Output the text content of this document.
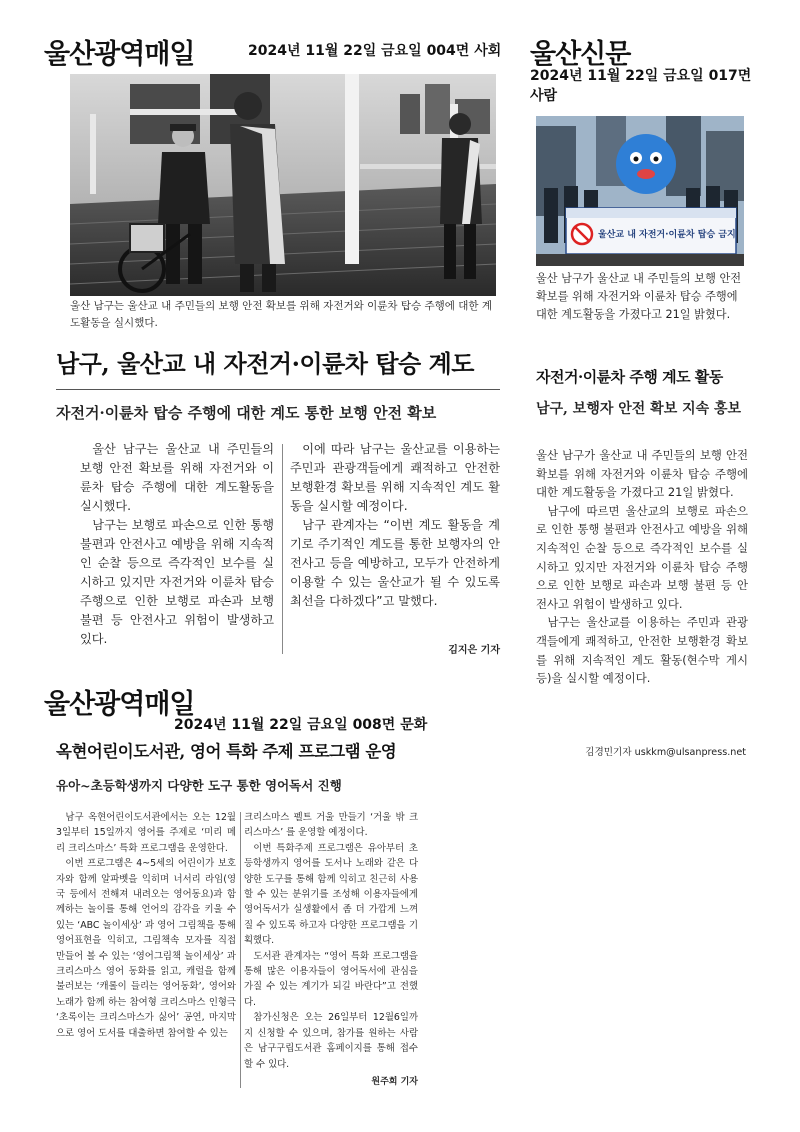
울산광역매일	2024년 11월 22일 금요일 004면 사회
울산 남구는 울산교 내 주민들의 보행 안전 확보를 위해 자전거와 이륜차 탑승 주행에 대한 계도활동을 실시했다.
남구, 울산교 내 자전거·이륜차 탑승 계도
자전거·이륜차 탑승 주행에 대한 계도 통한 보행 안전 확보

울산 남구는 울산교 내 주민들의 보행 안전 확보를 위해 자전거와 이륜차 탑승 주행에 대한 계도활동을 실시했다.

남구는 보행로 파손으로 인한 통행 불편과 안전사고 예방을 위해 지속적인 순찰 등으로 즉각적인 보수를 실시하고 있지만 자전거와 이륜차 탑승 주행으로 인한 보행로 파손과 보행 불편 등 안전사고 위험이 발생하고 있다.

이에 따라 남구는 울산교를 이용하는 주민과 관광객들에게 쾌적하고 안전한 보행환경 확보를 위해 지속적인 계도 활동을 실시할 예정이다.

남구 관계자는 “이번 계도 활동을 계기로 주기적인 계도를 통한 보행자의 안전사고 등을 예방하고, 모두가 안전하게 이용할 수 있는 울산교가 될 수 있도록 최선을 다하겠다”고 말했다.

김지은 기자
울산신문
2024년 11월 22일 금요일 017면 사람
울산교 내 자전거·이륜차 탑승 금지
울산 남구가 울산교 내 주민들의 보행 안전 확보를 위해 자전거와 이륜차 탑승 주행에 대한 계도활동을 가졌다고 21일 밝혔다.
자전거·이륜차 주행 계도 활동
남구, 보행자 안전 확보 지속 홍보

울산 남구가 울산교 내 주민들의 보행 안전 확보를 위해 자전거와 이륜차 탑승 주행에 대한 계도활동을 가졌다고 21일 밝혔다.

남구에 따르면 울산교의 보행로 파손으로 인한 통행 불편과 안전사고 예방을 위해 지속적인 순찰 등으로 즉각적인 보수를 실시하고 있지만 자전거와 이륜차 탑승 주행으로 인한 보행로 파손과 보행 불편 등 안전사고 위험이 발생하고 있다.

남구는 울산교를 이용하는 주민과 관광객들에게 쾌적하고, 안전한 보행환경 확보를 위해 지속적인 계도 활동(현수막 게시 등)을 실시할 예정이다.

김경민기자 uskkm@ulsanpress.net
울산광역매일
2024년 11월 22일 금요일 008면 문화
옥현어린이도서관, 영어 특화 주제 프로그램 운영
유아~초등학생까지 다양한 도구 통한 영어독서 진행

남구 옥현어린이도서관에서는 오는 12월3일부터 15일까지 영어를 주제로 ‘미리 메리 크리스마스’ 특화 프로그램을 운영한다.

이번 프로그램은 4~5세의 어린이가 보호자와 함께 알파벳을 익히며 너서리 라임(영국 등에서 전해져 내려오는 영어동요)과 함께하는 놀이를 통해 언어의 감각을 키울 수 있는 ‘ABC 놀이세상’ 과 영어 그림책을 통해 영어표현을 익히고, 그림책속 모자를 직접 만들어 볼 수 있는 ‘영어그림책 놀이세상’ 과 크리스마스 영어 동화를 읽고, 캐럴을 함께 불러보는 ‘캐롤이 들리는 영어동화’, 영어와 노래가 함께 하는 참여형 크리스마스 인형극 ‘초록이는 크리스마스가 싫어’ 공연, 마지막으로 영어 도서를 대출하면 참여할 수 있는

크리스마스 펠트 거울 만들기 ‘거울 밖 크리스마스’ 를 운영할 예정이다.

이번 특화주제 프로그램은 유아부터 초등학생까지 영어를 도서나 노래와 같은 다양한 도구를 통해 함께 익히고 친근히 사용할 수 있는 분위기를 조성해 이용자들에게 영어독서가 실생활에서 좀 더 가깝게 느껴질 수 있도록 하고자 다양한 프로그램을 기획했다.

도서관 관계자는 “영어 특화 프로그램을 통해 많은 이용자들이 영어독서에 관심을 가질 수 있는 계기가 되길 바란다”고 전했다.

참가신청은 오는 26일부터 12월6일까지 신청할 수 있으며, 참가를 원하는 사람은 남구구립도서관 홈페이지를 통해 접수할 수 있다.

원주희 기자
